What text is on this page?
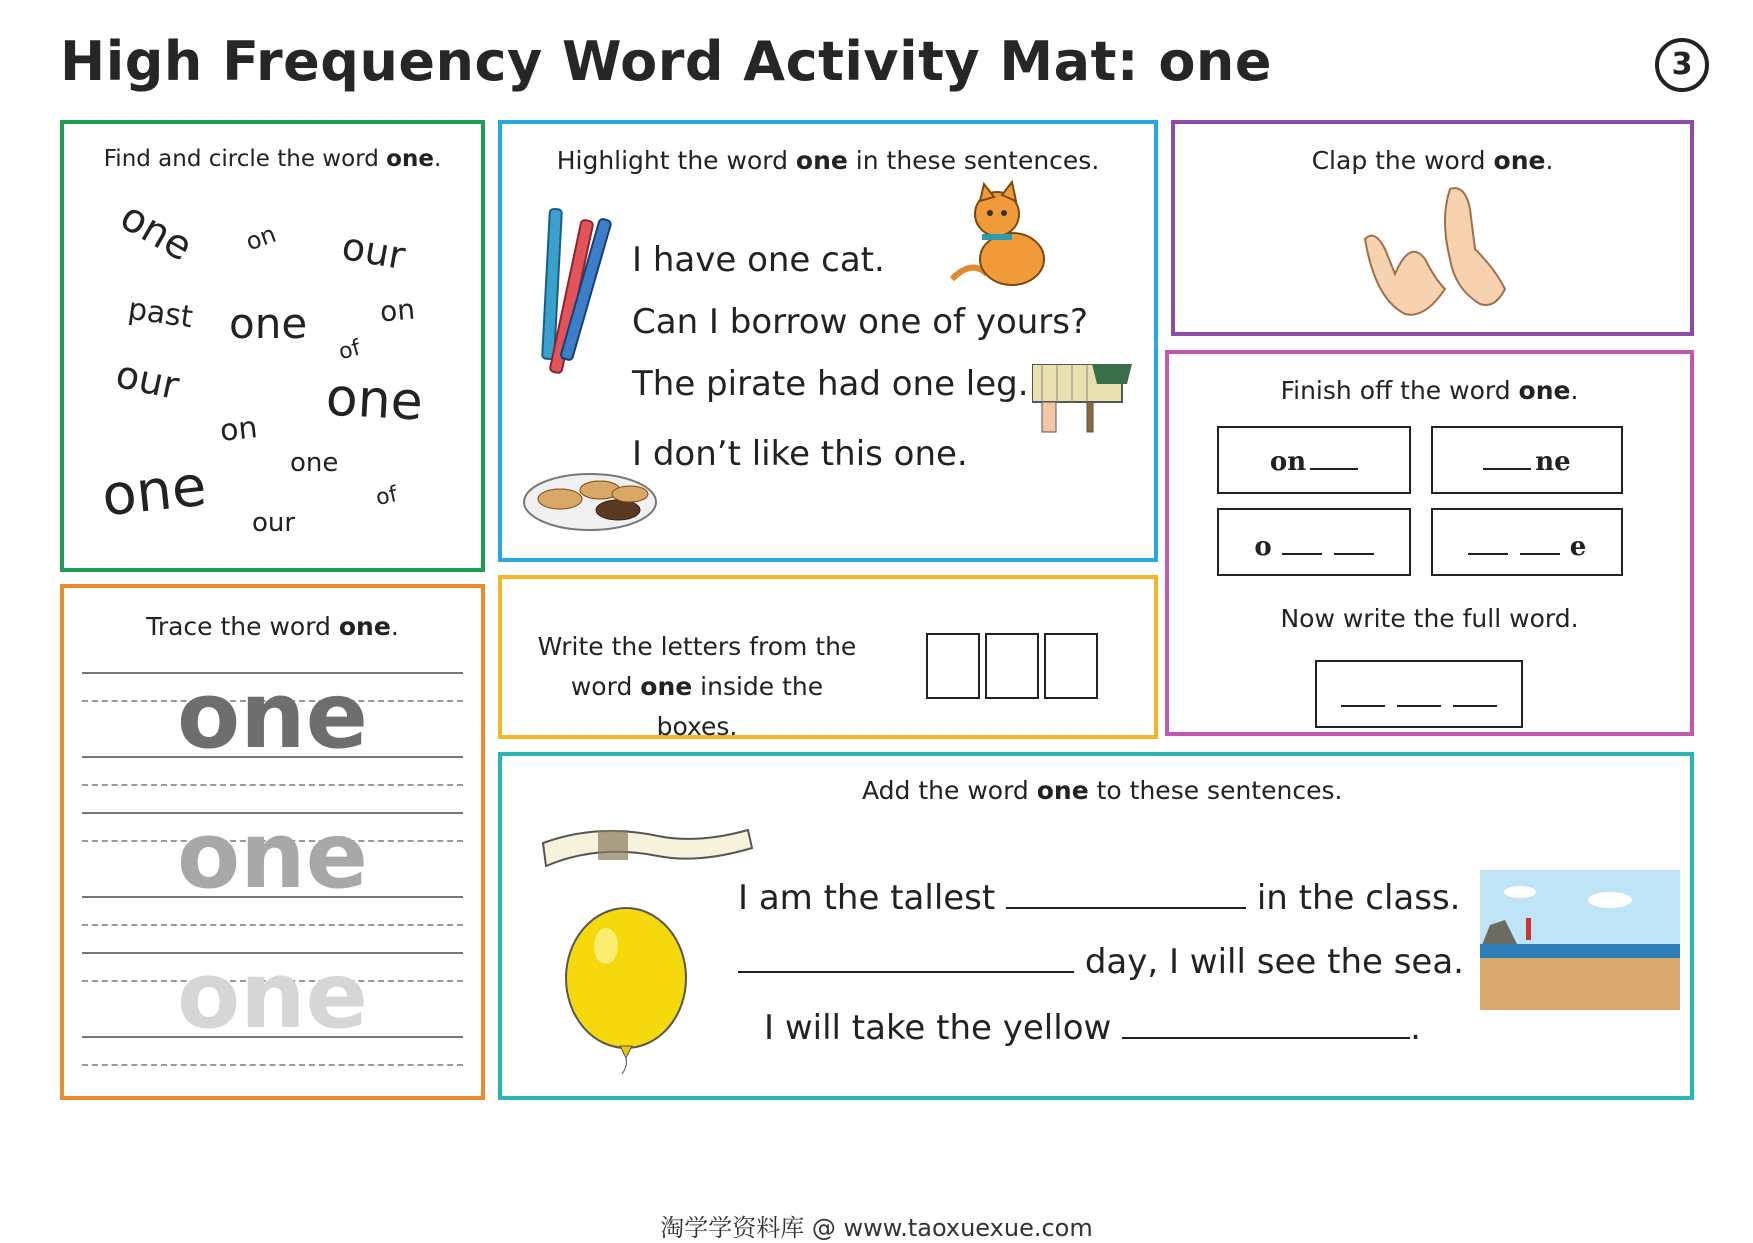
High Frequency Word Activity Mat: one	3
Find and circle the word one.
one on our
past one	on
of
our	one
on
one
one	of
our
Highlight the word one in these sentences.
I have one cat.
Can I borrow one of yours?
The pirate had one leg.
I don’t like this one.
Clap the word one.
Finish off the word one.
on	ne
o	e
Now write the full word.
Trace the word one.
one
one
one
Write the letters from the
word one inside the boxes.
Add the word one to these sentences.
I am the tallest	in the class.
day, I will see the sea.
I will take the yellow	.
淘学学资料库 @ www.taoxuexue.com
